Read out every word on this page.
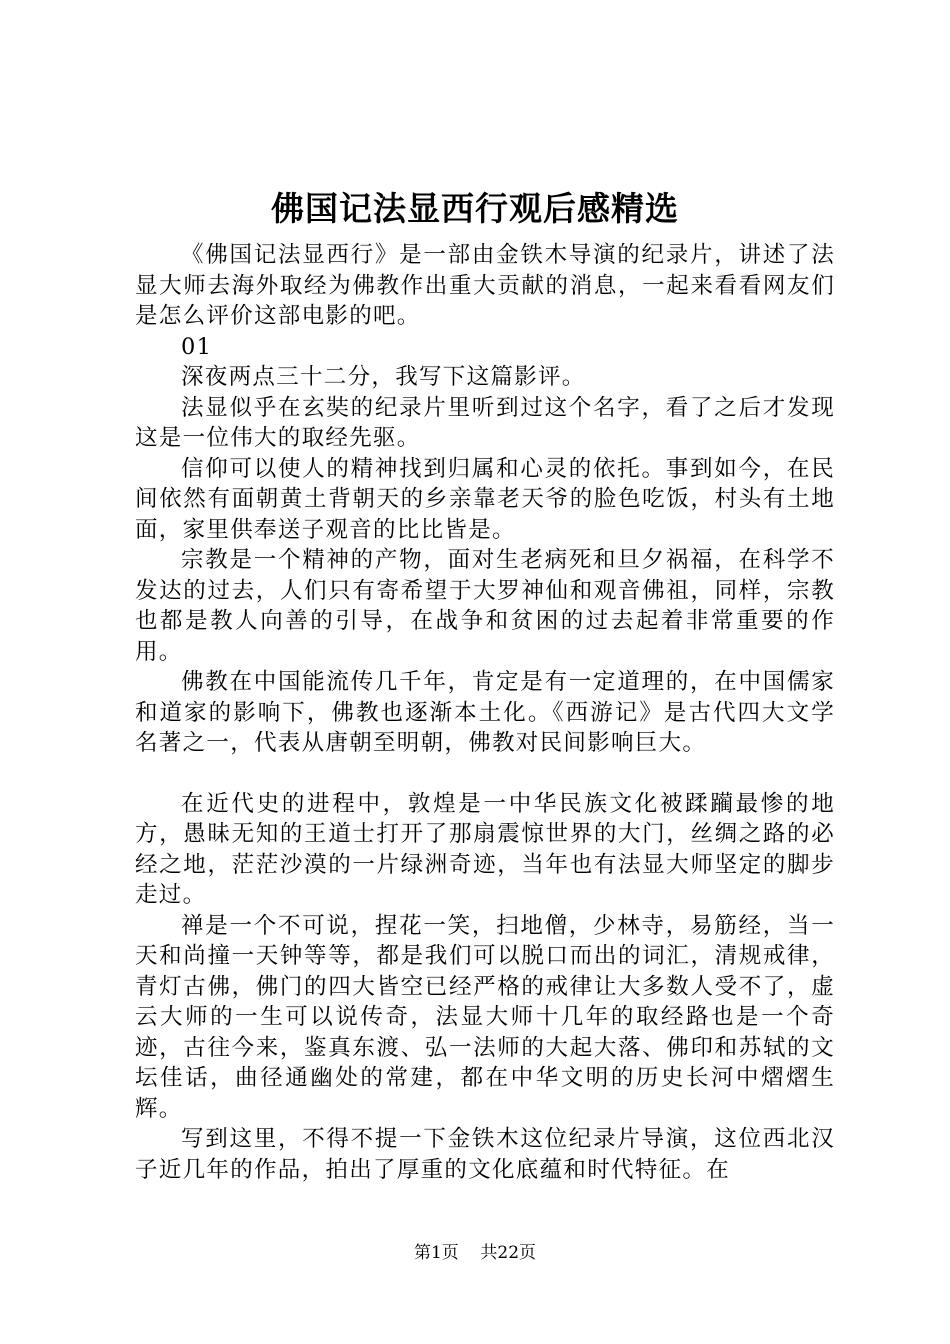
佛国记法显西行观后感精选

《佛国记法显西行》是一部由金铁木导演的纪录片，讲述了法显大师去海外取经为佛教作出重大贡献的消息，一起来看看网友们是怎么评价这部电影的吧。

01

深夜两点三十二分，我写下这篇影评。

法显似乎在玄奘的纪录片里听到过这个名字，看了之后才发现这是一位伟大的取经先驱。

信仰可以使人的精神找到归属和心灵的依托。事到如今，在民间依然有面朝黄土背朝天的乡亲靠老天爷的脸色吃饭，村头有土地面，家里供奉送子观音的比比皆是。

宗教是一个精神的产物，面对生老病死和旦夕祸福，在科学不发达的过去，人们只有寄希望于大罗神仙和观音佛祖，同样，宗教也都是教人向善的引导，在战争和贫困的过去起着非常重要的作用。

佛教在中国能流传几千年，肯定是有一定道理的，在中国儒家和道家的影响下，佛教也逐渐本土化。《西游记》是古代四大文学名著之一，代表从唐朝至明朝，佛教对民间影响巨大。

在近代史的进程中，敦煌是一中华民族文化被蹂躏最惨的地方，愚昧无知的王道士打开了那扇震惊世界的大门，丝绸之路的必经之地，茫茫沙漠的一片绿洲奇迹，当年也有法显大师坚定的脚步走过。

禅是一个不可说，捏花一笑，扫地僧，少林寺，易筋经，当一天和尚撞一天钟等等，都是我们可以脱口而出的词汇，清规戒律，青灯古佛，佛门的四大皆空已经严格的戒律让大多数人受不了，虚云大师的一生可以说传奇，法显大师十几年的取经路也是一个奇迹，古往今来，鉴真东渡、弘一法师的大起大落、佛印和苏轼的文坛佳话，曲径通幽处的常建，都在中华文明的历史长河中熠熠生辉。

写到这里，不得不提一下金铁木这位纪录片导演，这位西北汉子近几年的作品，拍出了厚重的文化底蕴和时代特征。在

第1页 共22页
